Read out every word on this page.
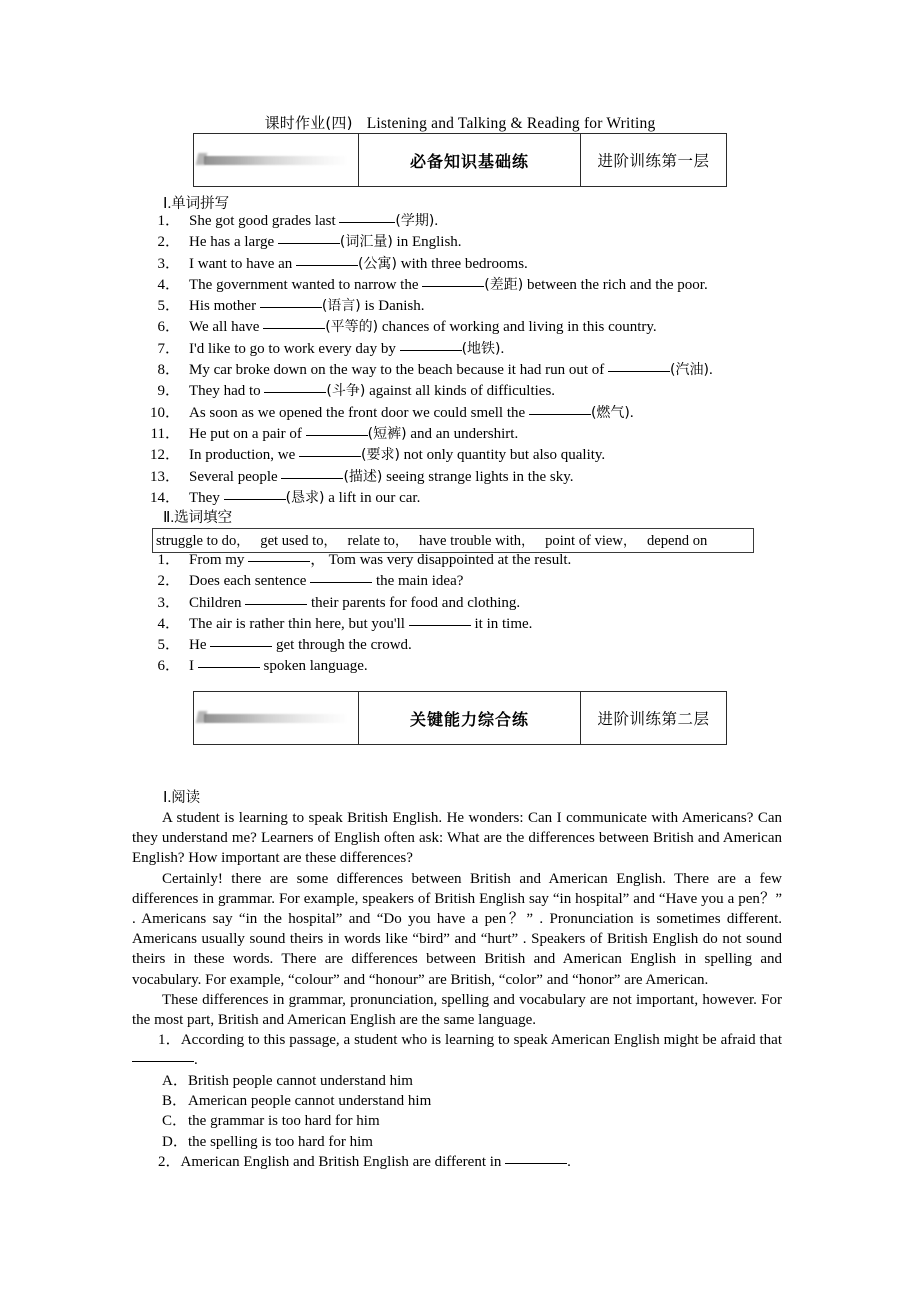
课时作业(四) Listening and Talking & Reading for Writing
必备知识基础练	进阶训练第一层
Ⅰ.单词拼写
1． She got good grades last	(学期).
2． He has a large	(词汇量) in English.
3． I want to have an	(公寓) with three bedrooms.
4． The government wanted to narrow the	(差距) between the rich and the poor.
5． His mother	(语言) is Danish.
6． We all have	(平等的) chances of working and living in this country.
7． I'd like to go to work every day by	(地铁).
8． My car broke down on the way to the beach because it had run out of	(汽油).
9． They had to	(斗争) against all kinds of difficulties.
10． As soon as we opened the front door we could smell the	(燃气).
11． He put on a pair of	(短裤) and an undershirt.
12． In production, we	(要求) not only quantity but also quality.
13． Several people	(描述) seeing strange lights in the sky.
14． They	(恳求) a lift in our car.
Ⅱ.选词填空
struggle to do， get used to， relate to， have trouble with， point of view， depend on
1． From my	， Tom was very disappointed at the result.
2． Does each sentence	the main idea?
3． Children	their parents for food and clothing.
4． The air is rather thin here, but you'll	it in time.
5． He	get through the crowd.
6． I	spoken language.
关键能力综合练	进阶训练第二层
Ⅰ.阅读

A student is learning to speak British English. He wonders: Can I communicate with Americans? Can they understand me? Learners of English often ask: What are the differences between British and American English? How important are these differences?

Certainly! there are some differences between British and American English. There are a few differences in grammar. For example, speakers of British English say “in hospital” and “Have you a pen？” . Americans say “in the hospital” and “Do you have a pen？” . Pronunciation is sometimes different. Americans usually sound theirs in words like “bird” and “hurt” . Speakers of British English do not sound theirs in these words. There are differences between British and American English in spelling and vocabulary. For example, “colour” and “honour” are British, “color” and “honor” are American.

These differences in grammar, pronunciation, spelling and vocabulary are not important, however. For the most part, British and American English are the same language.

1．According to this passage, a student who is learning to speak American English might be afraid that .

A． British people cannot understand him
B． American people cannot understand him
C． the grammar is too hard for him
D． the spelling is too hard for him

2．American English and British English are different in	.
